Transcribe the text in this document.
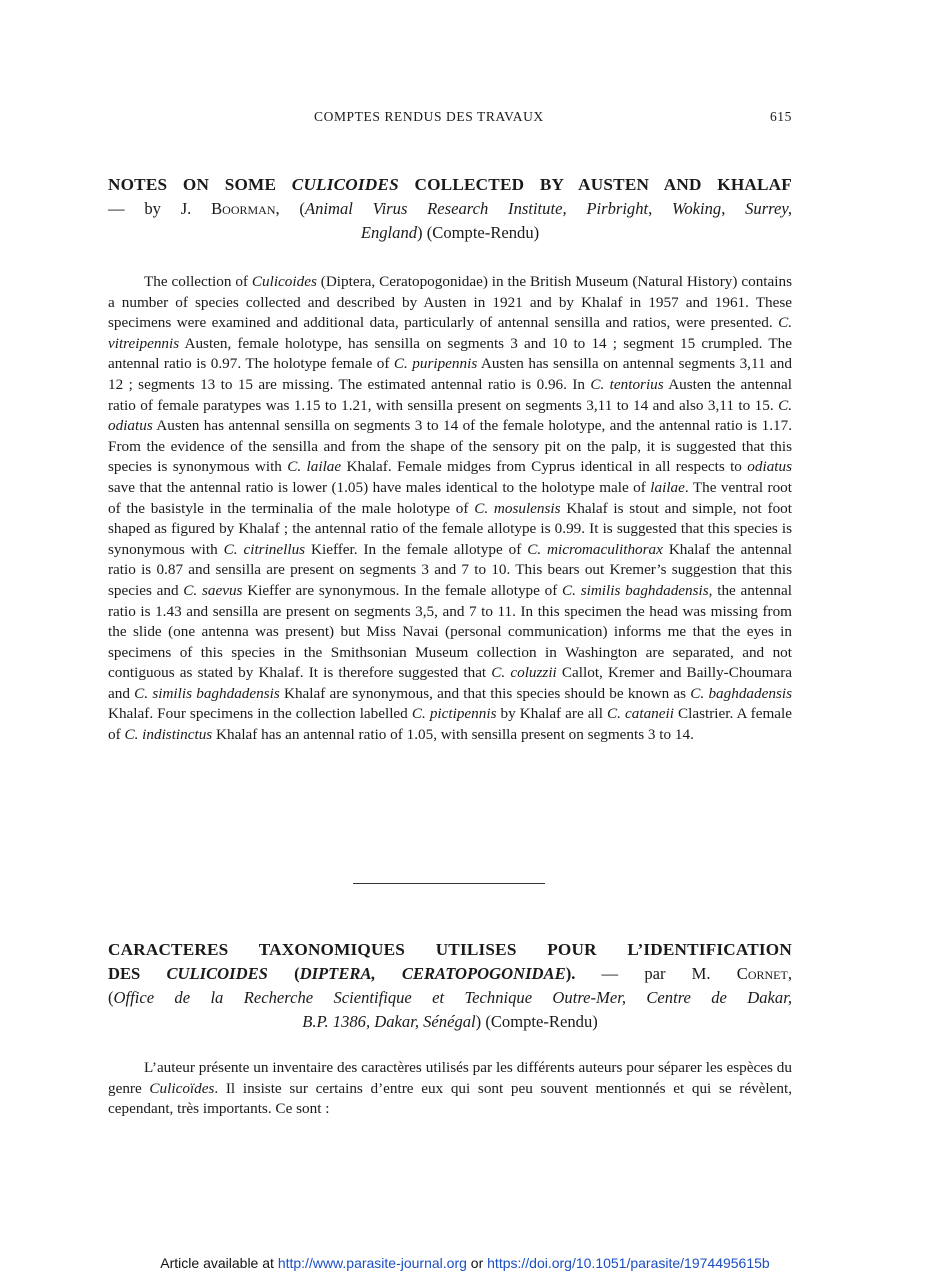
COMPTES RENDUS DES TRAVAUX	615
NOTES ON SOME CULICOIDES COLLECTED BY AUSTEN AND KHALAF
— by J. Boorman, (Animal Virus Research Institute, Pirbright, Woking, Surrey,
England) (Compte-Rendu)

The collection of Culicoides (Diptera, Ceratopogonidae) in the British Museum (Natural History) contains a number of species collected and described by Austen in 1921 and by Khalaf in 1957 and 1961. These specimens were examined and additional data, particularly of antennal sensilla and ratios, were presented. C. vitreipennis Austen, female holotype, has sensilla on segments 3 and 10 to 14 ; segment 15 crumpled. The antennal ratio is 0.97. The holotype female of C. puripennis Austen has sensilla on antennal segments 3,11 and 12 ; segments 13 to 15 are missing. The estimated antennal ratio is 0.96. In C. tentorius Austen the antennal ratio of female paratypes was 1.15 to 1.21, with sensilla present on segments 3,11 to 14 and also 3,11 to 15. C. odiatus Austen has antennal sensilla on segments 3 to 14 of the female holotype, and the antennal ratio is 1.17. From the evidence of the sensilla and from the shape of the sensory pit on the palp, it is suggested that this species is synonymous with C. lailae Khalaf. Female midges from Cyprus identical in all respects to odiatus save that the antennal ratio is lower (1.05) have males identical to the holotype male of lailae. The ventral root of the basistyle in the terminalia of the male holotype of C. mosulensis Khalaf is stout and simple, not foot shaped as figured by Khalaf ; the antennal ratio of the female allotype is 0.99. It is suggested that this species is synonymous with C. citrinellus Kieffer. In the female allotype of C. micromaculithorax Khalaf the antennal ratio is 0.87 and sensilla are present on segments 3 and 7 to 10. This bears out Kremer’s suggestion that this species and C. saevus Kieffer are synonymous. In the female allotype of C. similis baghdadensis, the antennal ratio is 1.43 and sensilla are present on segments 3,5, and 7 to 11. In this specimen the head was missing from the slide (one antenna was present) but Miss Navai (personal communication) informs me that the eyes in specimens of this species in the Smithsonian Museum collection in Washington are separated, and not contiguous as stated by Khalaf. It is therefore suggested that C. coluzzii Callot, Kremer and Bailly-Choumara and C. similis baghdadensis Khalaf are synonymous, and that this species should be known as C. baghdadensis Khalaf. Four specimens in the collection labelled C. pictipennis by Khalaf are all C. cataneii Clastrier. A female of C. indistinctus Khalaf has an antennal ratio of 1.05, with sensilla present on segments 3 to 14.

CARACTERES TAXONOMIQUES UTILISES POUR L’IDENTIFICATION
DES CULICOIDES (DIPTERA, CERATOPOGONIDAE). — par M. Cornet,
(Office de la Recherche Scientifique et Technique Outre-Mer, Centre de Dakar,
B.P. 1386, Dakar, Sénégal) (Compte-Rendu)

L’auteur présente un inventaire des caractères utilisés par les différents auteurs pour séparer les espèces du genre Culicoïdes. Il insiste sur certains d’entre eux qui sont peu souvent mentionnés et qui se révèlent, cependant, très importants. Ce sont :

Article available at http://www.parasite-journal.org or https://doi.org/10.1051/parasite/1974495615b
